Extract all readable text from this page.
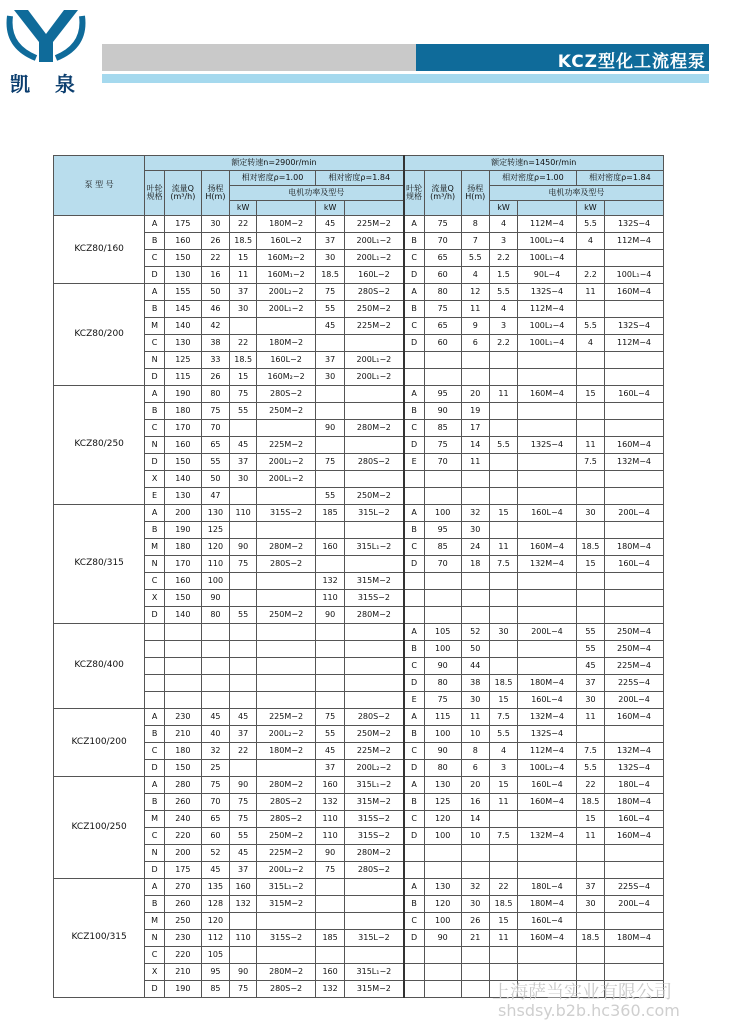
凯 泉
KCZ型化工流程泵
泵 型 号	额定转速n=2900r/min							额定转速n=1450r/min						
	叶轮规格	流量Q (m³/h)	扬程 H(m)	相对密度ρ=1.00		相对密度ρ=1.84		叶轮规格	流量Q (m³/h)	扬程 H(m)	相对密度ρ=1.00		相对密度ρ=1.84	
				电机功率及型号							电机功率及型号			
				kW		kW					kW		kW	
KCZ80/160	A	175	30	22	180M−2	45	225M−2	A	75	8	4	112M−4	5.5	132S−4
	B	160	26	18.5	160L−2	37	200L₁−2	B	70	7	3	100L₂−4	4	112M−4
	C	150	22	15	160M₂−2	30	200L₁−2	C	65	5.5	2.2	100L₁−4		
	D	130	16	11	160M₁−2	18.5	160L−2	D	60	4	1.5	90L−4	2.2	100L₁−4
KCZ80/200	A	155	50	37	200L₂−2	75	280S−2	A	80	12	5.5	132S−4	11	160M−4
	B	145	46	30	200L₁−2	55	250M−2	B	75	11	4	112M−4		
	M	140	42			45	225M−2	C	65	9	3	100L₂−4	5.5	132S−4
	C	130	38	22	180M−2			D	60	6	2.2	100L₁−4	4	112M−4
	N	125	33	18.5	160L−2	37	200L₁−2							
	D	115	26	15	160M₂−2	30	200L₁−2							
KCZ80/250	A	190	80	75	280S−2			A	95	20	11	160M−4	15	160L−4
	B	180	75	55	250M−2			B	90	19				
	C	170	70			90	280M−2	C	85	17				
	N	160	65	45	225M−2			D	75	14	5.5	132S−4	11	160M−4
	D	150	55	37	200L₂−2	75	280S−2	E	70	11			7.5	132M−4
	X	140	50	30	200L₁−2									
	E	130	47			55	250M−2							
KCZ80/315	A	200	130	110	315S−2	185	315L−2	A	100	32	15	160L−4	30	200L−4
	B	190	125					B	95	30				
	M	180	120	90	280M−2	160	315L₁−2	C	85	24	11	160M−4	18.5	180M−4
	N	170	110	75	280S−2			D	70	18	7.5	132M−4	15	160L−4
	C	160	100			132	315M−2							
	X	150	90			110	315S−2							
	D	140	80	55	250M−2	90	280M−2							
KCZ80/400								A	105	52	30	200L−4	55	250M−4
								B	100	50			55	250M−4
								C	90	44			45	225M−4
								D	80	38	18.5	180M−4	37	225S−4
								E	75	30	15	160L−4	30	200L−4
KCZ100/200	A	230	45	45	225M−2	75	280S−2	A	115	11	7.5	132M−4	11	160M−4
	B	210	40	37	200L₂−2	55	250M−2	B	100	10	5.5	132S−4		
	C	180	32	22	180M−2	45	225M−2	C	90	8	4	112M−4	7.5	132M−4
	D	150	25			37	200L₂−2	D	80	6	3	100L₂−4	5.5	132S−4
KCZ100/250	A	280	75	90	280M−2	160	315L₁−2	A	130	20	15	160L−4	22	180L−4
	B	260	70	75	280S−2	132	315M−2	B	125	16	11	160M−4	18.5	180M−4
	M	240	65	75	280S−2	110	315S−2	C	120	14			15	160L−4
	C	220	60	55	250M−2	110	315S−2	D	100	10	7.5	132M−4	11	160M−4
	N	200	52	45	225M−2	90	280M−2							
	D	175	45	37	200L₂−2	75	280S−2							
KCZ100/315	A	270	135	160	315L₁−2			A	130	32	22	180L−4	37	225S−4
	B	260	128	132	315M−2			B	120	30	18.5	180M−4	30	200L−4
	M	250	120					C	100	26	15	160L−4		
	N	230	112	110	315S−2	185	315L−2	D	90	21	11	160M−4	18.5	180M−4
	C	220	105											
	X	210	95	90	280M−2	160	315L₁−2							
	D	190	85	75	280S−2	132	315M−2								上海萨当实业有限公司
shsdsy.b2b.hc360.com
